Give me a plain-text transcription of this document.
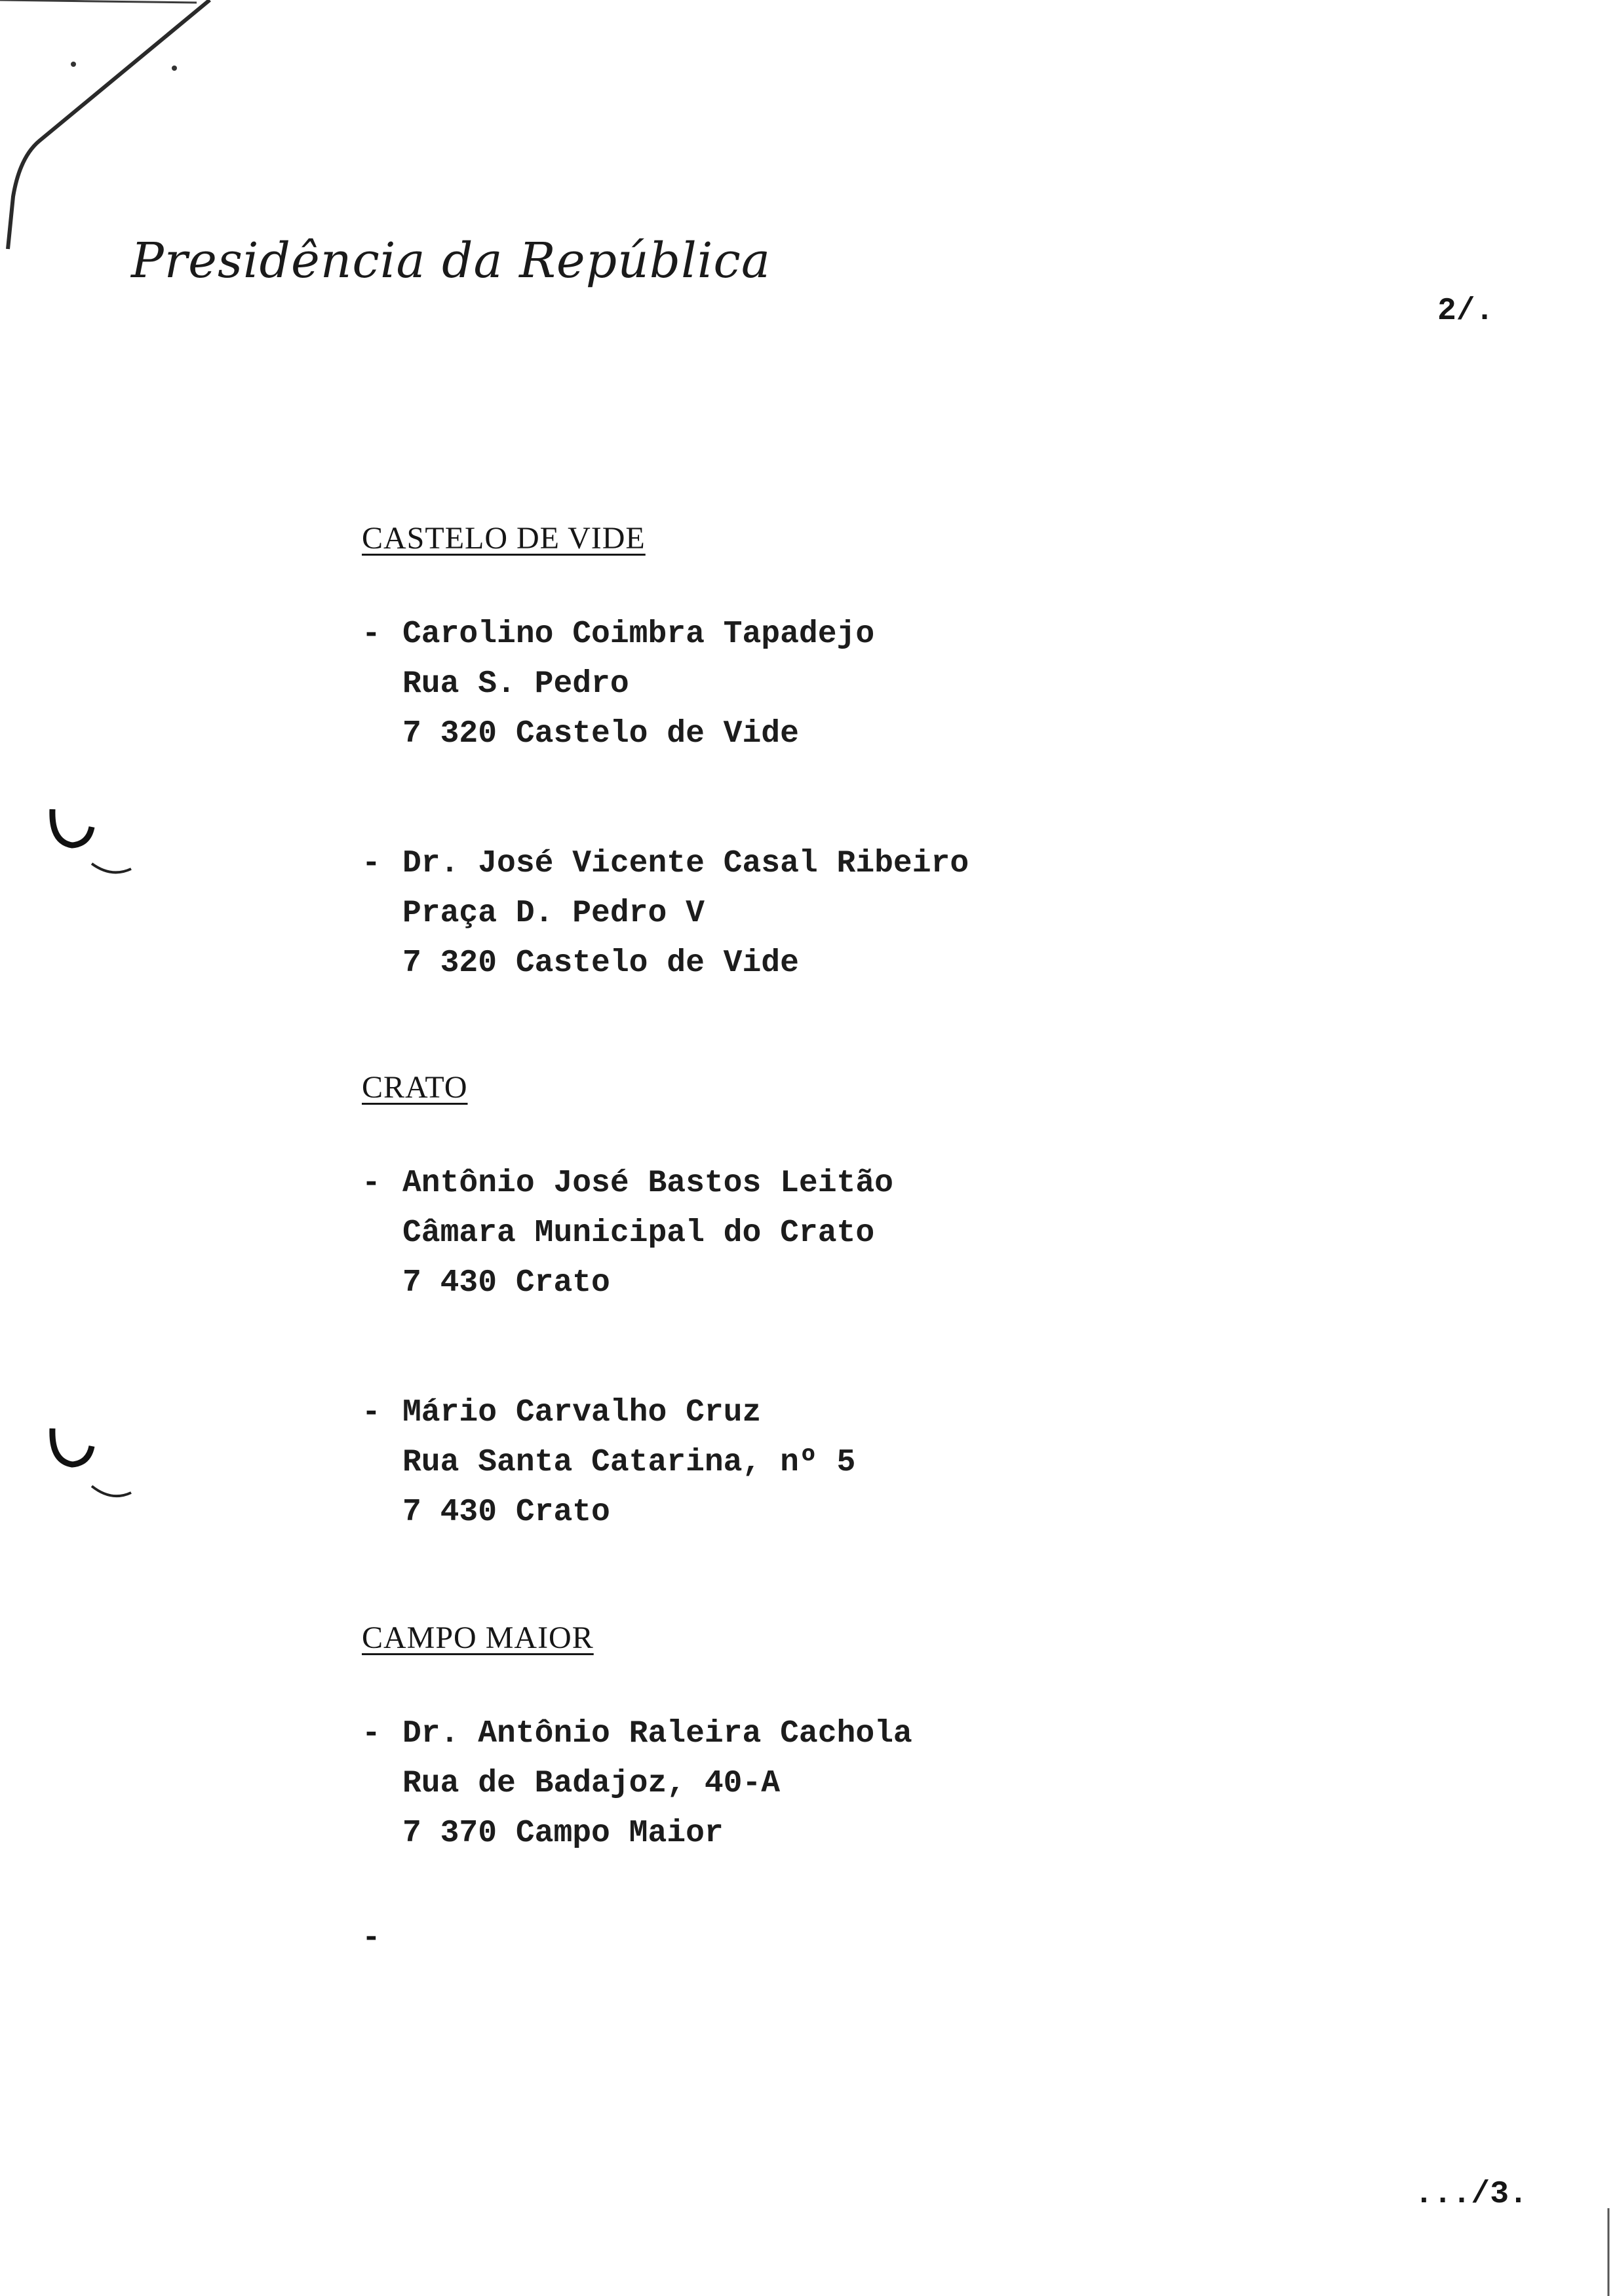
Presidência da República
2/.
CASTELO DE VIDE
- Carolino Coimbra Tapadejo
Rua S. Pedro
7 320 Castelo de Vide
- Dr. José Vicente Casal Ribeiro
Praça D. Pedro V
7 320 Castelo de Vide
CRATO
- Antônio José Bastos Leitão
Câmara Municipal do Crato
7 430 Crato
- Mário Carvalho Cruz
Rua Santa Catarina, nº 5
7 430 Crato
CAMPO MAIOR
- Dr. Antônio Raleira Cachola
Rua de Badajoz, 40-A
7 370 Campo Maior
-
.../3.
